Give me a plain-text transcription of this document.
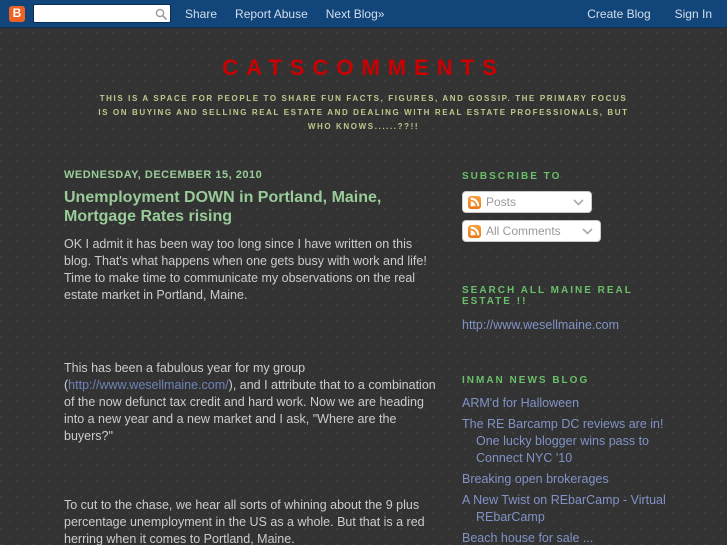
B	Share Report Abuse Next Blog»	Create Blog Sign In
CATSCOMMENTS
THIS IS A SPACE FOR PEOPLE TO SHARE FUN FACTS, FIGURES, AND GOSSIP. THE PRIMARY FOCUS IS ON BUYING AND SELLING REAL ESTATE AND DEALING WITH REAL ESTATE PROFESSIONALS, BUT WHO KNOWS......??!!
WEDNESDAY, DECEMBER 15, 2010
Unemployment DOWN in Portland, Maine, Mortgage Rates rising

OK I admit it has been way too long since I have written on this blog. That's what happens when one gets busy with work and life! Time to make time to communicate my observations on the real estate market in Portland, Maine.

This has been a fabulous year for my group (http://www.wesellmaine.com/), and I attribute that to a combination of the now defunct tax credit and hard work. Now we are heading into a new year and a new market and I ask, "Where are the buyers?"

To cut to the chase, we hear all sorts of whining about the 9 plus percentage unemployment in the US as a whole. But that is a red herring when it comes to Portland, Maine.

SUBSCRIBE TO
Posts
All Comments
SEARCH ALL MAINE REAL ESTATE !!
http://www.wesellmaine.com
INMAN NEWS BLOG
ARM'd for Halloween
The RE Barcamp DC reviews are in! One lucky blogger wins pass to Connect NYC '10
Breaking open brokerages
A New Twist on REbarCamp - Virtual REbarCamp
Beach house for sale ...
